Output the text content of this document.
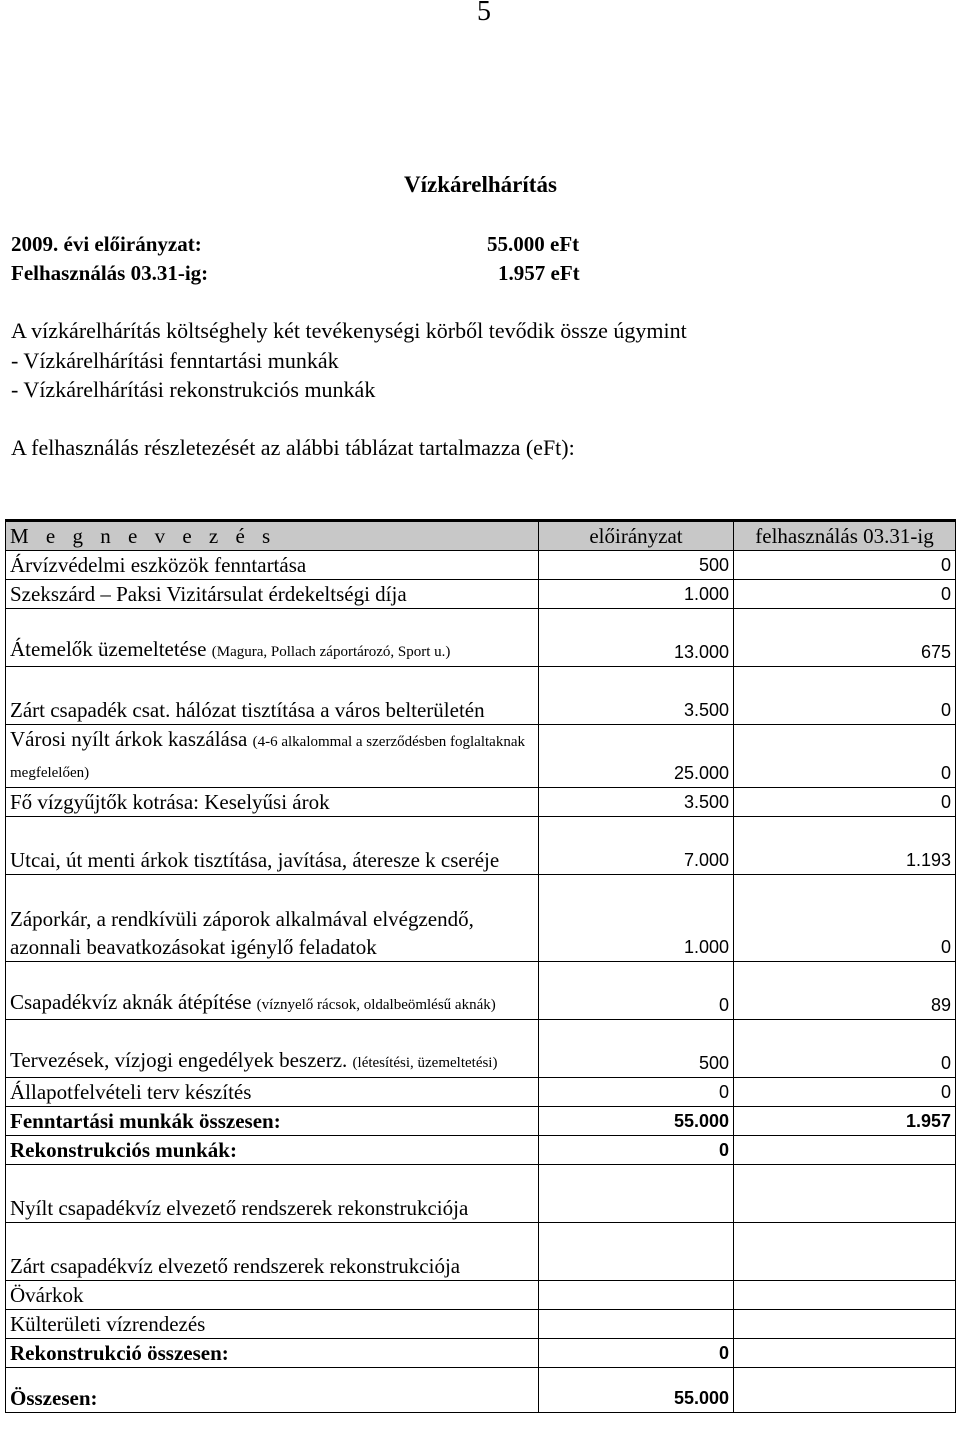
5
Vízkárelhárítás
2009. évi előirányzat:	55.000 eFt
Felhasználás 03.31-ig:	1.957 eFt
A vízkárelhárítás költséghely két tevékenységi körből tevődik össze úgymint
- Vízkárelhárítási fenntartási munkák
- Vízkárelhárítási rekonstrukciós munkák
A felhasználás részletezését az alábbi táblázat tartalmazza (eFt):
M e g n e v e z é s	előirányzat	felhasználás 03.31-ig
Árvízvédelmi eszközök fenntartása	500	0
Szekszárd – Paksi Vizitársulat érdekeltségi díja	1.000	0
Átemelők üzemeltetése (Magura, Pollach záportározó, Sport u.)	13.000	675
Zárt csapadék csat. hálózat tisztítása a város belterületén	3.500	0
Városi nyílt árkok kaszálása (4-6 alkalommal a szerződésben foglaltaknak megfelelően)	25.000	0
Fő vízgyűjtők kotrása: Keselyűsi árok	3.500	0
Utcai, út menti árkok tisztítása, javítása, áteresze k cseréje	7.000	1.193
Záporkár, a rendkívüli záporok alkalmával elvégzendő, azonnali beavatkozásokat igénylő feladatok	1.000	0
Csapadékvíz aknák átépítése (víznyelő rácsok, oldalbeömlésű aknák)	0	89
Tervezések, vízjogi engedélyek beszerz. (létesítési, üzemeltetési)	500	0
Állapotfelvételi terv készítés	0	0
Fenntartási munkák összesen:	55.000	1.957
Rekonstrukciós munkák:	0	
Nyílt csapadékvíz elvezető rendszerek rekonstrukciója		
Zárt csapadékvíz elvezető rendszerek rekonstrukciója		
Övárkok		
Külterületi vízrendezés		
Rekonstrukció összesen:	0	
Összesen:	55.000	
